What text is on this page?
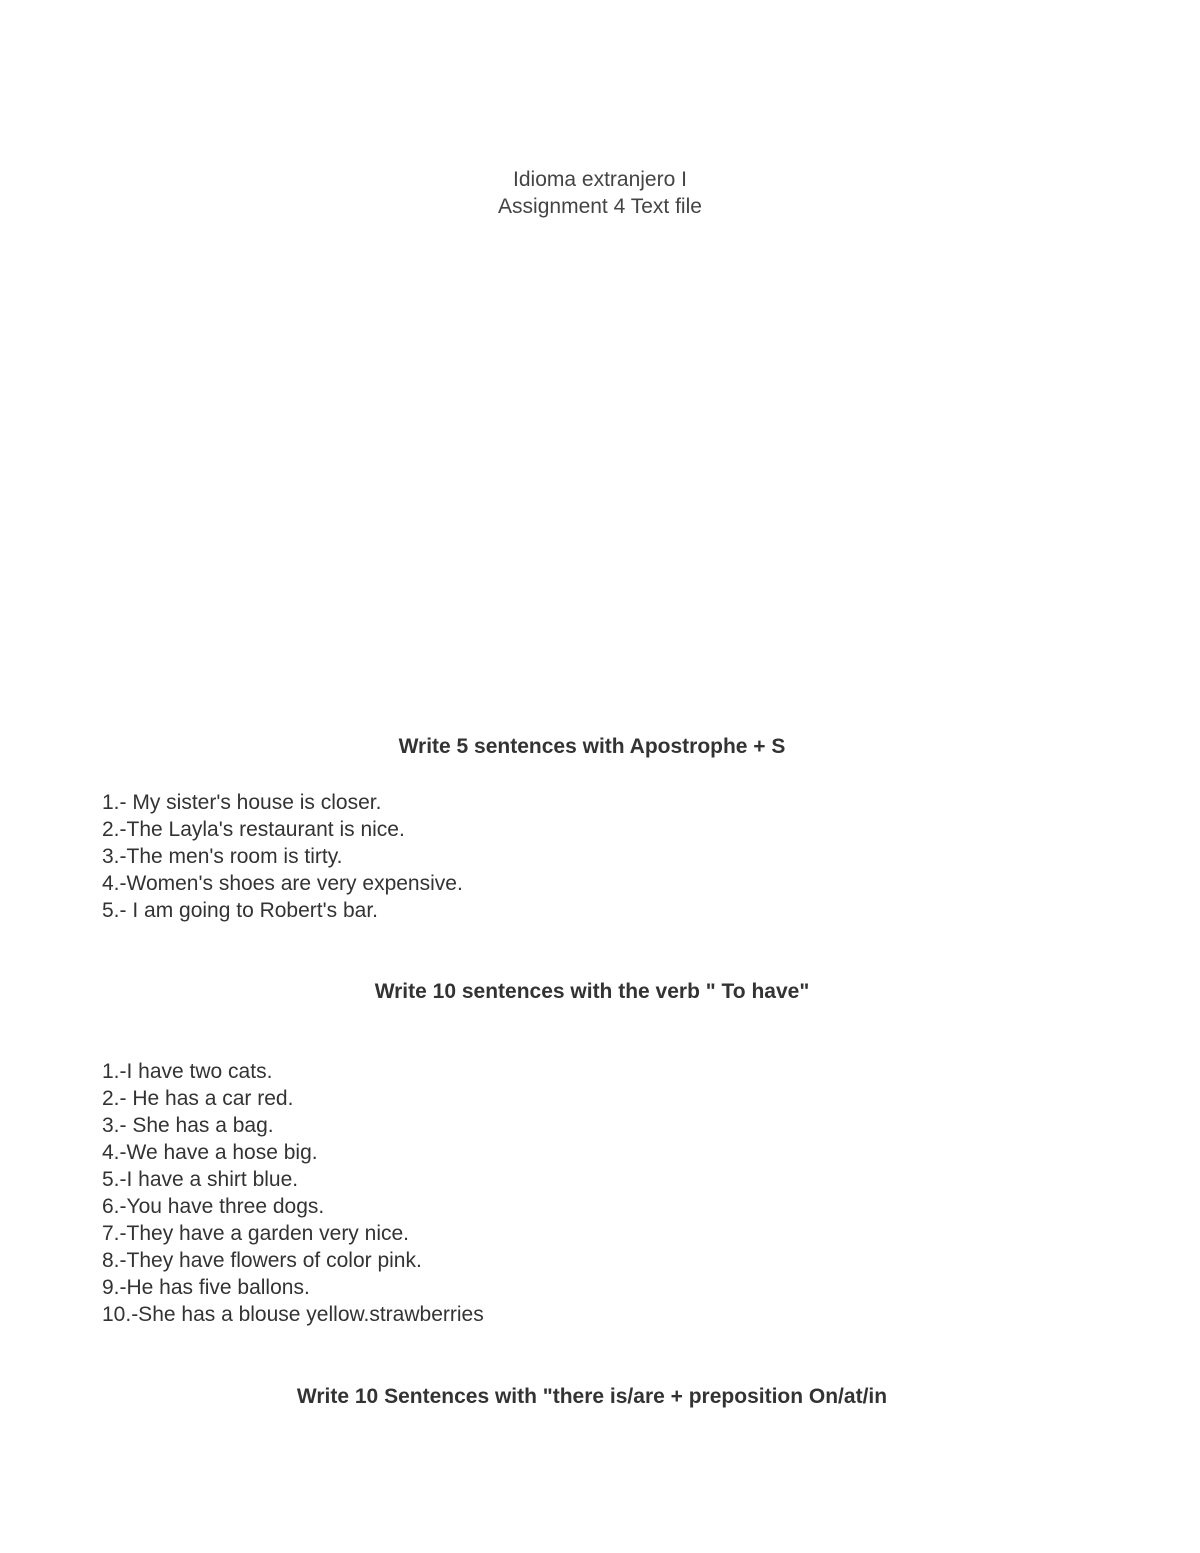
Idioma extranjero I
Assignment 4 Text file
Write 5 sentences with Apostrophe + S
1.- My sister's house is closer.
2.-The Layla's restaurant is nice.
3.-The men's room is tirty.
4.-Women's shoes are very expensive.
5.- I am going to Robert's bar.
Write 10 sentences with the verb " To have"
1.-I have two cats.
2.- He has a car red.
3.- She has a bag.
4.-We have a hose big.
5.-I have a shirt blue.
6.-You have three dogs.
7.-They have a garden very nice.
8.-They have flowers of color pink.
9.-He has five ballons.
10.-She has a blouse yellow.strawberries
Write 10 Sentences with "there is/are + preposition On/at/in
